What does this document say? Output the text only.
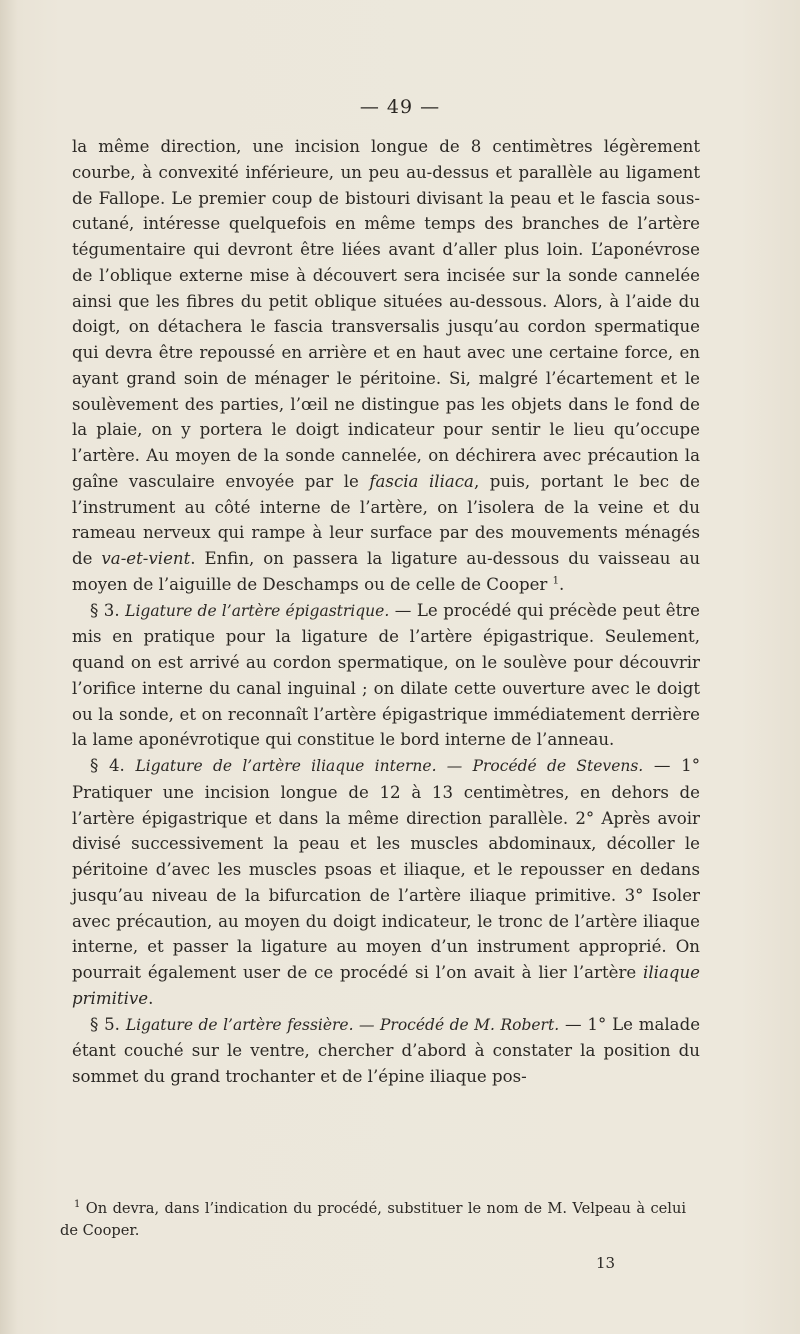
— 49 —

la même direction, une incision longue de 8 centimètres légèrement courbe, à convexité inférieure, un peu au-dessus et parallèle au ligament de Fallope. Le premier coup de bistouri divisant la peau et le fascia sous-cutané, intéresse quelquefois en même temps des branches de l’artère tégumentaire qui devront être liées avant d’aller plus loin. L’aponévrose de l’oblique externe mise à découvert sera incisée sur la sonde cannelée ainsi que les fibres du petit oblique situées au-dessous. Alors, à l’aide du doigt, on détachera le fascia transversalis jusqu’au cordon spermatique qui devra être repoussé en arrière et en haut avec une certaine force, en ayant grand soin de ménager le péritoine. Si, malgré l’écartement et le soulèvement des parties, l’œil ne distingue pas les objets dans le fond de la plaie, on y portera le doigt indicateur pour sentir le lieu qu’occupe l’artère. Au moyen de la sonde cannelée, on déchirera avec précaution la gaîne vasculaire envoyée par le fascia iliaca, puis, portant le bec de l’instrument au côté interne de l’artère, on l’isolera de la veine et du rameau nerveux qui rampe à leur surface par des mouvements ménagés de va-et-vient. Enfin, on passera la ligature au-dessous du vaisseau au moyen de l’aiguille de Deschamps ou de celle de Cooper $^1$.

§ 3. Ligature de l’artère épigastrique. — Le procédé qui précède peut être mis en pratique pour la ligature de l’artère épigastrique. Seulement, quand on est arrivé au cordon spermatique, on le soulève pour découvrir l’orifice interne du canal inguinal ; on dilate cette ouverture avec le doigt ou la sonde, et on reconnaît l’artère épigastrique immédiatement derrière la lame aponévrotique qui constitue le bord interne de l’anneau.

§ 4. Ligature de l’artère iliaque interne. — Procédé de Stevens. — 1° Pratiquer une incision longue de 12 à 13 centimètres, en dehors de l’artère épigastrique et dans la même direction parallèle. 2° Après avoir divisé successivement la peau et les muscles abdominaux, décoller le péritoine d’avec les muscles psoas et iliaque, et le repousser en dedans jusqu’au niveau de la bifurcation de l’artère iliaque primitive. 3° Isoler avec précaution, au moyen du doigt indicateur, le tronc de l’artère iliaque interne, et passer la ligature au moyen d’un instrument approprié. On pourrait également user de ce procédé si l’on avait à lier l’artère iliaque primitive.

§ 5. Ligature de l’artère fessière. — Procédé de M. Robert. — 1° Le malade étant couché sur le ventre, chercher d’abord à constater la position du sommet du grand trochanter et de l’épine iliaque pos-

$^1$ On devra, dans l’indication du procédé, substituer le nom de M. Velpeau à celui de Cooper.
13
